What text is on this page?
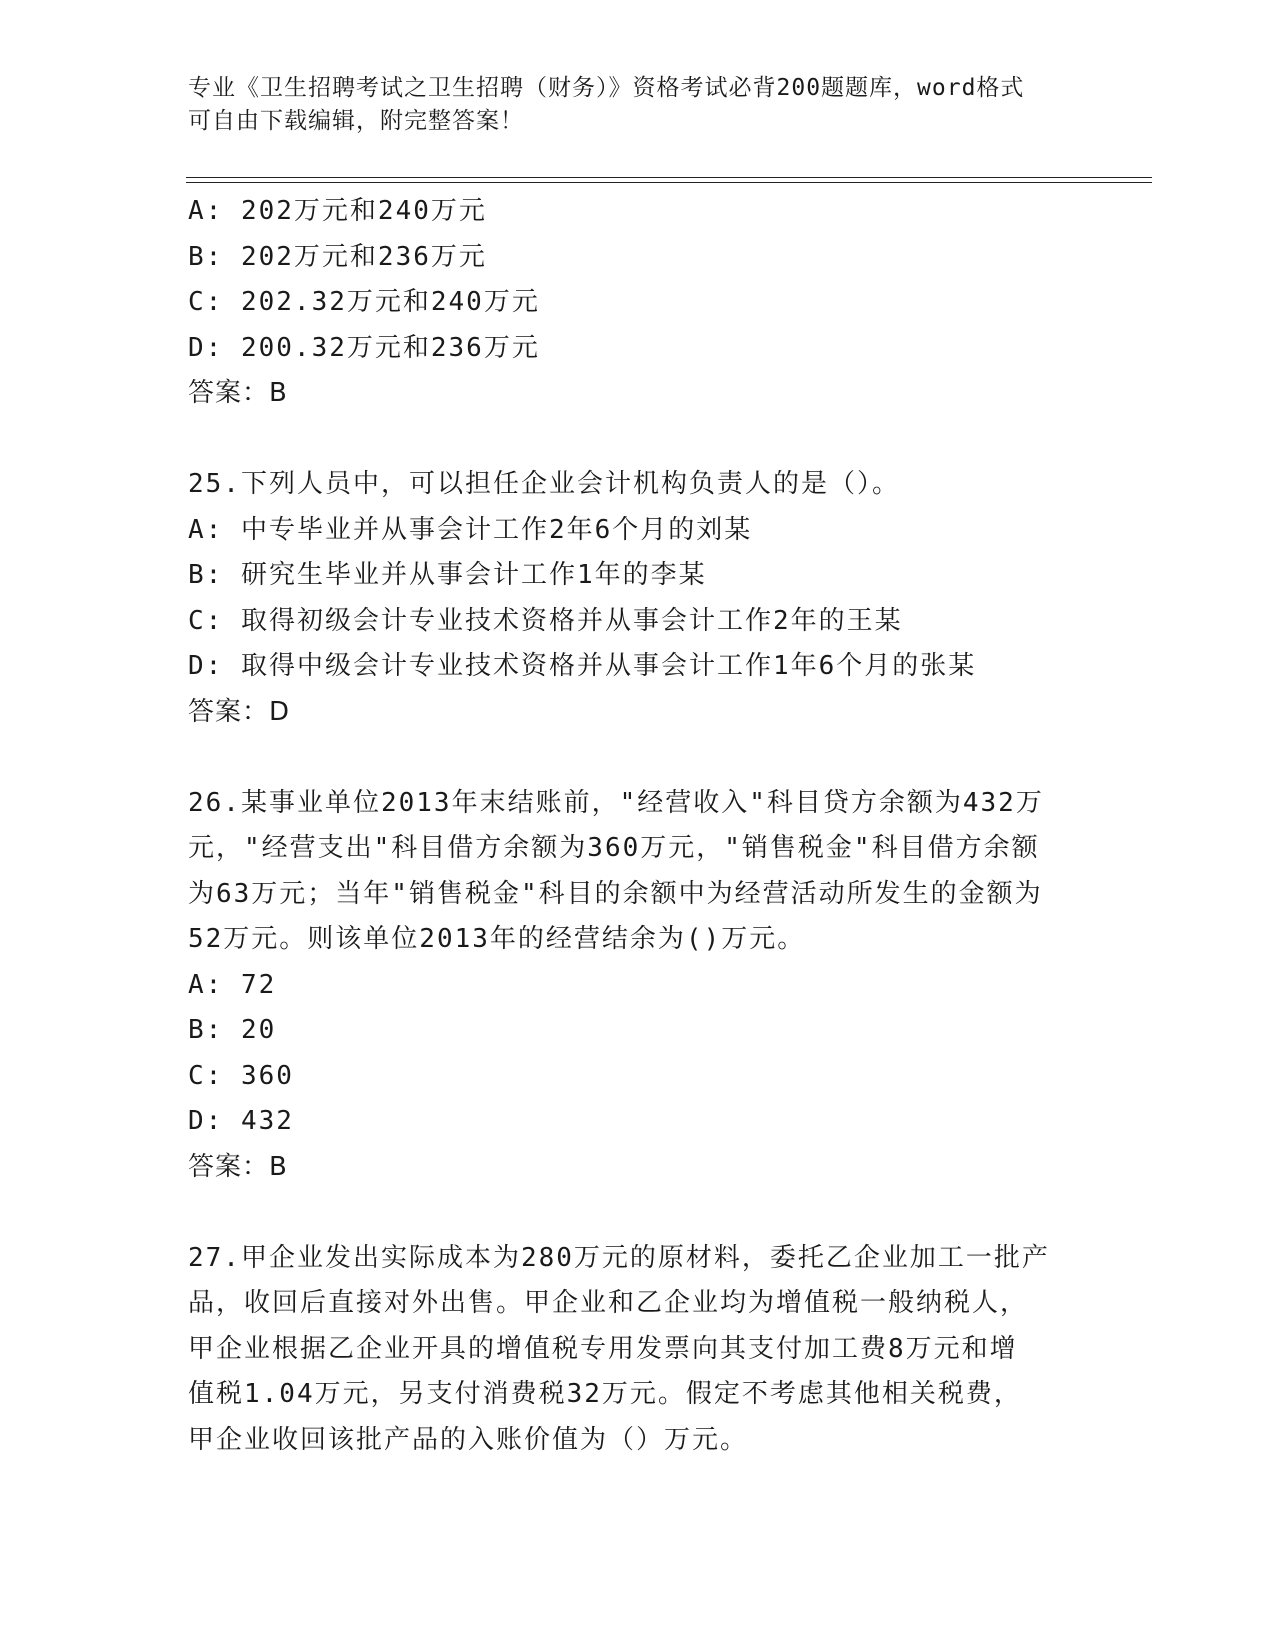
专业《卫生招聘考试之卫生招聘（财务）》资格考试必背200题题库，word格式
可自由下载编辑，附完整答案！
A: 202万元和240万元
B: 202万元和236万元
C: 202.32万元和240万元
D: 200.32万元和236万元
答案：B
25.下列人员中，可以担任企业会计机构负责人的是（）。
A: 中专毕业并从事会计工作2年6个月的刘某
B: 研究生毕业并从事会计工作1年的李某
C: 取得初级会计专业技术资格并从事会计工作2年的王某
D: 取得中级会计专业技术资格并从事会计工作1年6个月的张某
答案：D
26.某事业单位2013年末结账前，"经营收入"科目贷方余额为432万
元，"经营支出"科目借方余额为360万元，"销售税金"科目借方余额
为63万元；当年"销售税金"科目的余额中为经营活动所发生的金额为
52万元。则该单位2013年的经营结余为()万元。
A: 72
B: 20
C: 360
D: 432
答案：B
27.甲企业发出实际成本为280万元的原材料，委托乙企业加工一批产
品，收回后直接对外出售。甲企业和乙企业均为增值税一般纳税人，
甲企业根据乙企业开具的增值税专用发票向其支付加工费8万元和增
值税1.04万元，另支付消费税32万元。假定不考虑其他相关税费，
甲企业收回该批产品的入账价值为（）万元。
